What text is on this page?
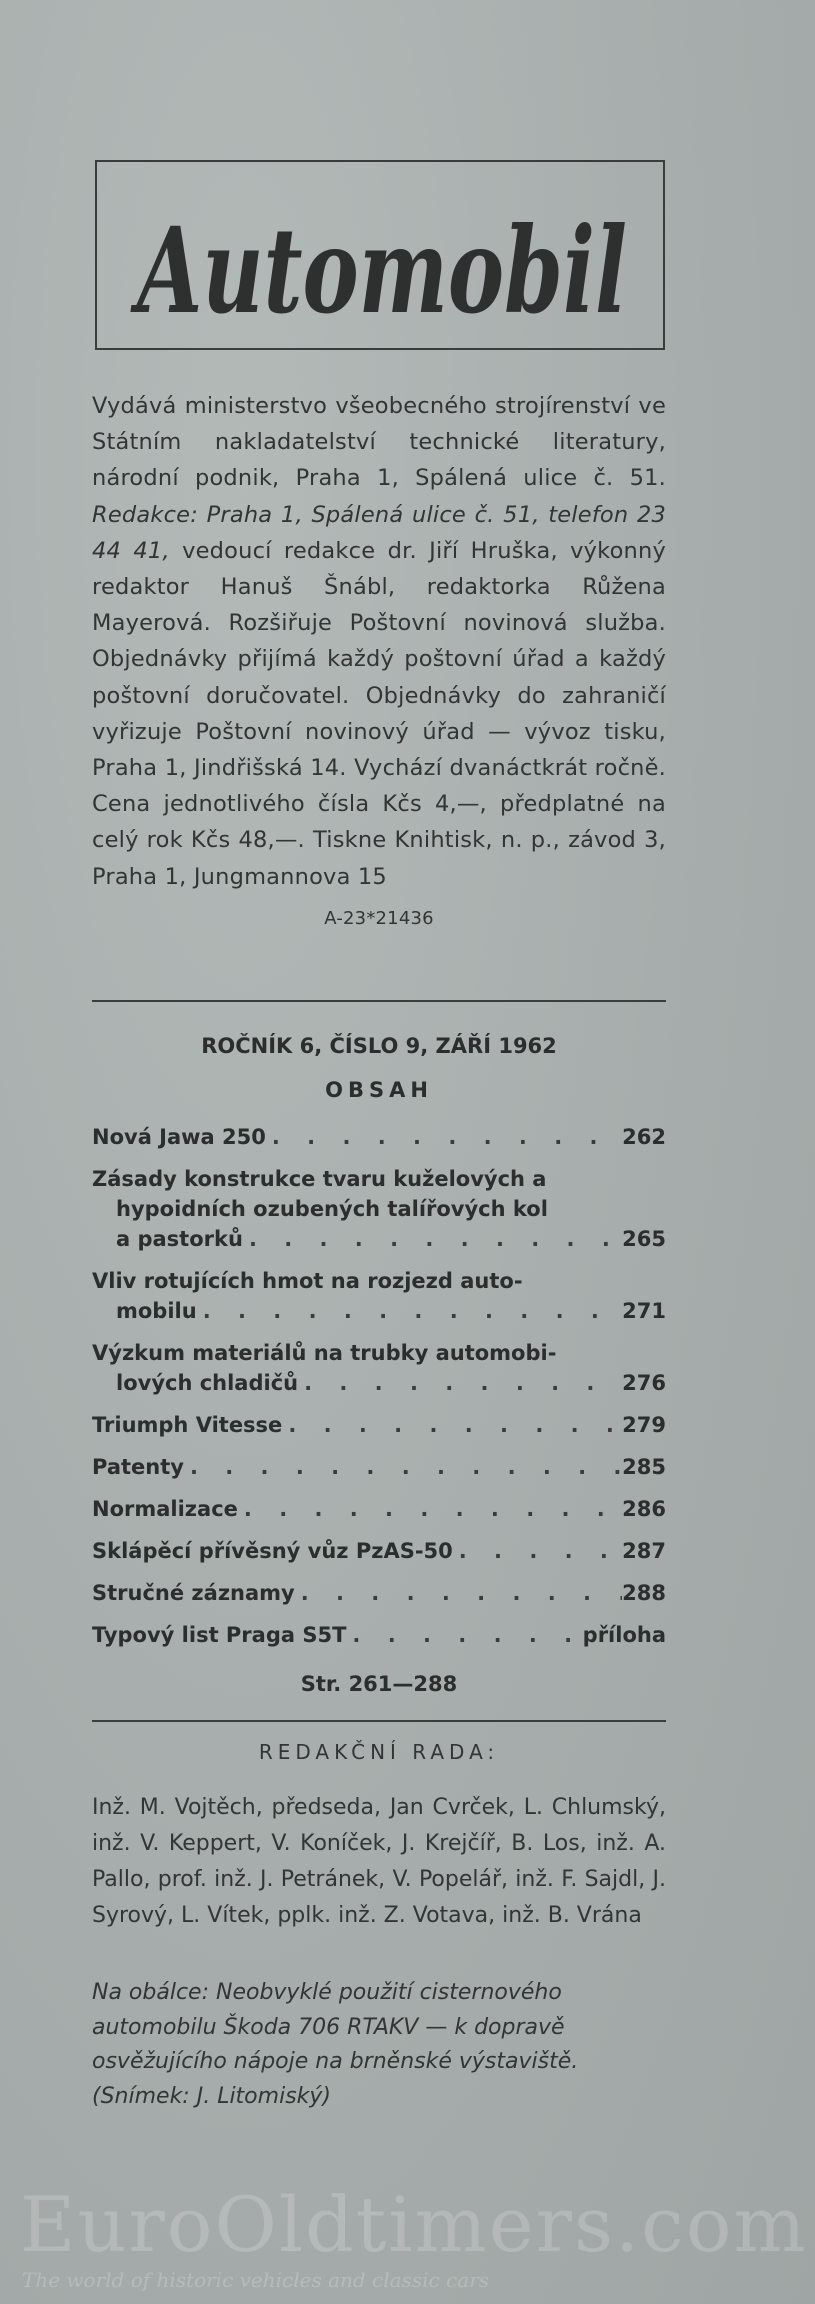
Automobil

Vydává ministerstvo všeobecného strojírenství ve Státním nakladatelství technické literatury, národní podnik, Praha 1, Spálená ulice č. 51. Redakce: Praha 1, Spálená ulice č. 51, telefon 23 44 41, vedoucí redakce dr. Jiří Hruška, výkonný redaktor Hanuš Šnábl, redaktorka Růžena Mayerová. Rozšiřuje Poštovní novinová služba. Objednávky přijímá každý poštovní úřad a každý poštovní doručovatel. Objednávky do zahraničí vyřizuje Poštovní novinový úřad — vývoz tisku, Praha 1, Jindřišská 14. Vychází dvanáctkrát ročně. Cena jednotlivého čísla Kčs 4,—, předplatné na celý rok Kčs 48,—. Tiskne Knihtisk, n. p., závod 3, Praha 1, Jungmannova 15

A-23*21436
ROČNÍK 6, ČÍSLO 9, ZÁŘÍ 1962
OBSAH
Nová Jawa 250 . . .	262
Zásady konstrukce tvaru kuželových a
hypoidních ozubených talířových kol
a pastorků . . .	265
Vliv rotujících hmot na rozjezd auto-
mobilu . . .	271
Výzkum materiálů na trubky automobi-
lových chladičů . . .	276
Triumph Vitesse . . .	279
Patenty . . .	285
Normalizace . . .	286
Sklápěcí přívěsný vůz PzAS-50 . . .	287
Stručné záznamy . . .	288
Typový list Praga S5T . . .	příloha
Str. 261—288
REDAKČNÍ RADA:
Inž. M. Vojtěch, předseda, Jan Cvrček, L. Chlumský, inž. V. Keppert, V. Koníček, J. Krejčíř, B. Los, inž. A. Pallo, prof. inž. J. Petránek, V. Popelář, inž. F. Sajdl, J. Syrový, L. Vítek, pplk. inž. Z. Votava, inž. B. Vrána
Na obálce: Neobvyklé použití cisternového automobilu Škoda 706 RTAKV — k dopravě osvěžujícího nápoje na brněnské výstaviště. (Snímek: J. Litomiský)
EuroOldtimers.com
The world of historic vehicles and classic cars
